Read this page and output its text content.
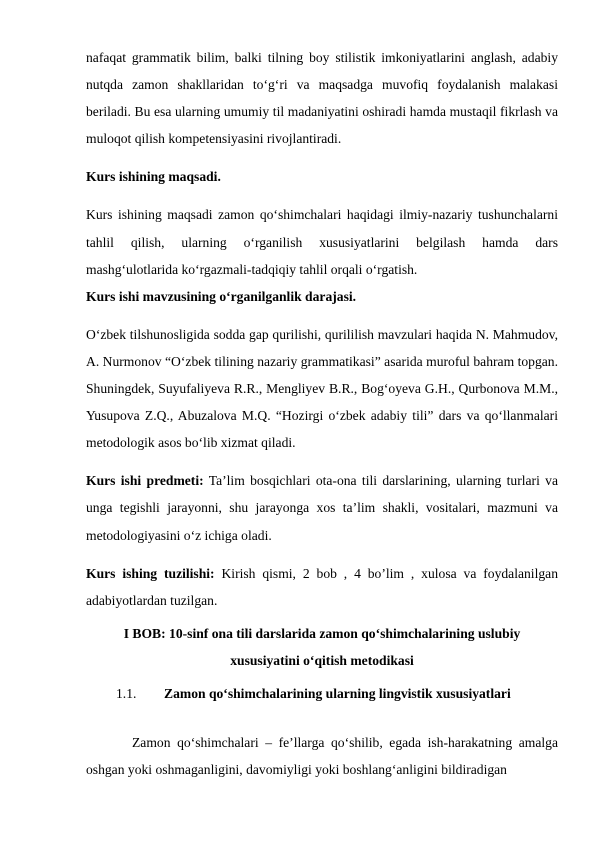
nafaqat grammatik bilim, balki tilning boy stilistik imkoniyatlarini anglash, adabiy nutqda zamon shakllaridan to‘g‘ri va maqsadga muvofiq foydalanish malakasi beriladi. Bu esa ularning umumiy til madaniyatini oshiradi hamda mustaqil fikrlash va muloqot qilish kompetensiyasini rivojlantiradi.

Kurs ishining maqsadi.

Kurs ishining maqsadi zamon qo‘shimchalari haqidagi ilmiy-nazariy tushunchalarni tahlil qilish, ularning o‘rganilish xususiyatlarini belgilash hamda dars mashg‘ulotlarida ko‘rgazmali-tadqiqiy tahlil orqali o‘rgatish.

Kurs ishi mavzusining o‘rganilganlik darajasi.

O‘zbek tilshunosligida sodda gap qurilishi, qurililish mavzulari haqida N. Mahmudov, A. Nurmonov “O‘zbek tilining nazariy grammatikasi” asarida muroful bahram topgan. Shuningdek, Suyufaliyeva R.R., Mengliyev B.R., Bog‘oyeva G.H., Qurbonova M.M., Yusupova Z.Q., Abuzalova M.Q. “Hozirgi o‘zbek adabiy tili” dars va qo‘llanmalari metodologik asos bo‘lib xizmat qiladi.

Kurs ishi predmeti: Ta’lim bosqichlari ota-ona tili darslarining, ularning turlari va unga tegishli jarayonni, shu jarayonga xos ta’lim shakli, vositalari, mazmuni va metodologiyasini o‘z ichiga oladi.

Kurs ishing tuzilishi: Kirish qismi, 2 bob , 4 bo’lim , xulosa va foydalanilgan adabiyotlardan tuzilgan.

I BOB: 10-sinf ona tili darslarida zamon qo‘shimchalarining uslubiy

xususiyatini o‘qitish metodikasi

1.1. Zamon qo‘shimchalarining ularning lingvistik xususiyatlari

Zamon qo‘shimchalari – fe’llarga qo‘shilib, egada ish-harakatning amalga oshgan yoki oshmaganligini, davomiyligi yoki boshlang‘anligini bildiradigan
